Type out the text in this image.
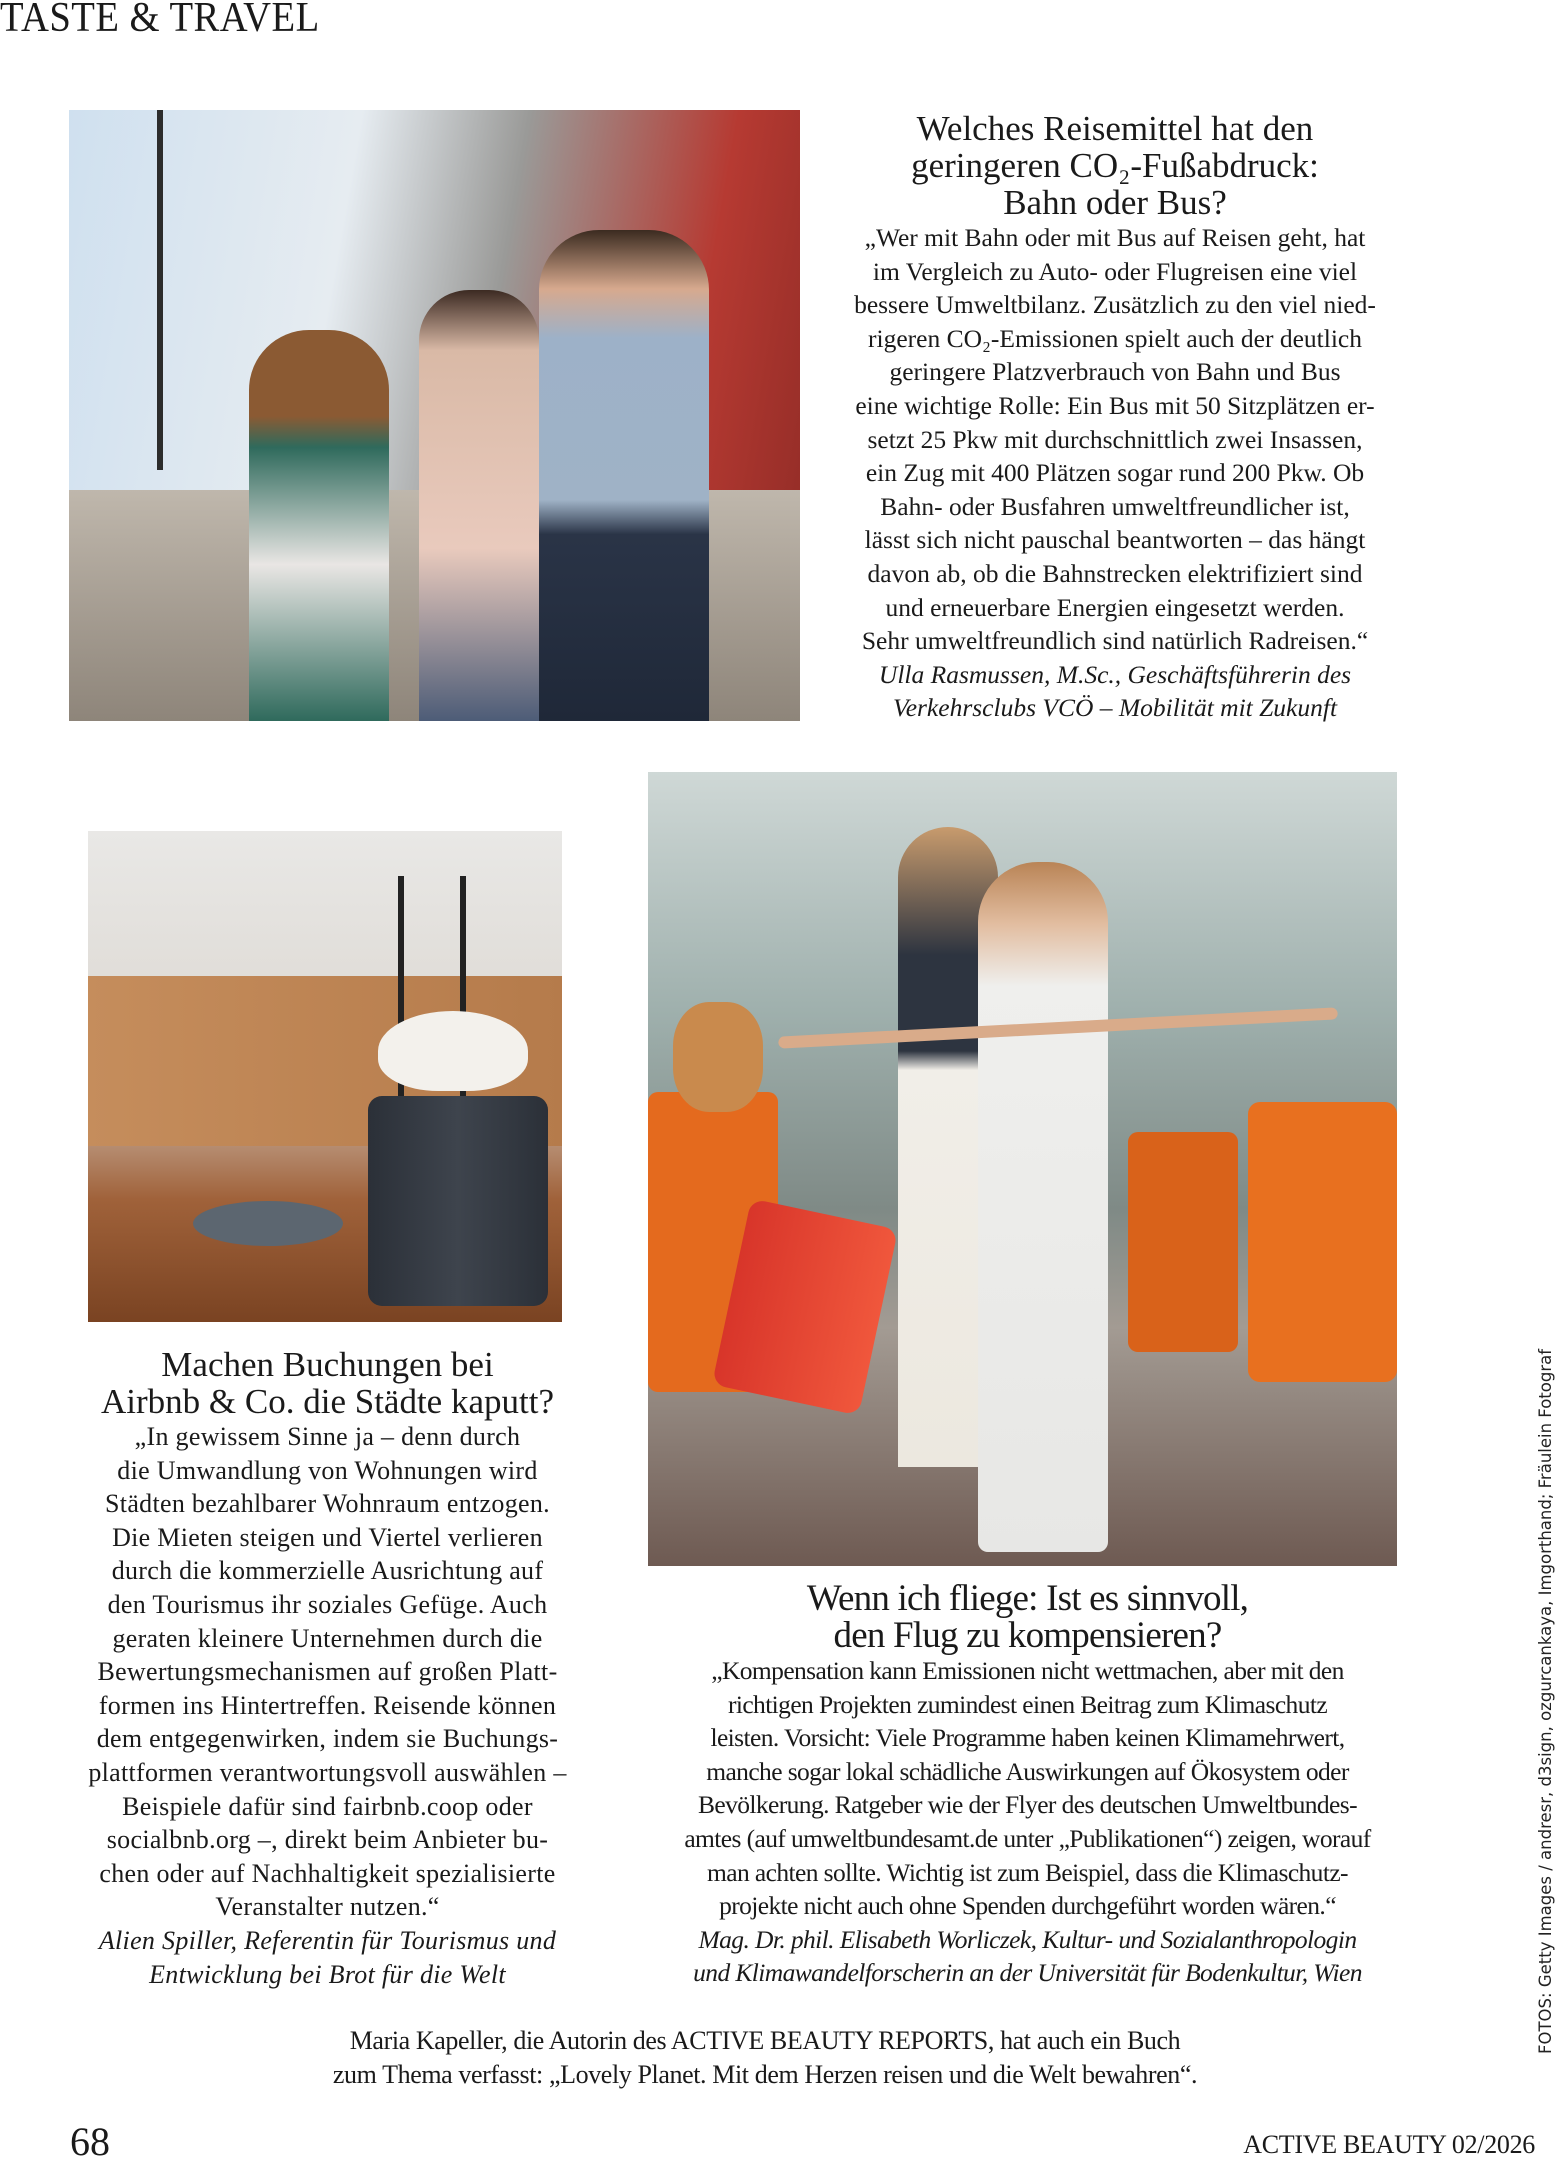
TASTE & TRAVEL
Welches Reisemittel hat den
geringeren CO₂-Fußabdruck:
Bahn oder Bus?
„Wer mit Bahn oder mit Bus auf Reisen geht, hat
im Vergleich zu Auto- oder Flugreisen eine viel
bessere Umweltbilanz. Zusätzlich zu den viel nied-
rigeren CO₂-Emissionen spielt auch der deutlich
geringere Platzverbrauch von Bahn und Bus
eine wichtige Rolle: Ein Bus mit 50 Sitzplätzen er-
setzt 25 Pkw mit durchschnittlich zwei Insassen,
ein Zug mit 400 Plätzen sogar rund 200 Pkw. Ob
Bahn- oder Busfahren umweltfreundlicher ist,
lässt sich nicht pauschal beantworten – das hängt
davon ab, ob die Bahnstrecken elektrifiziert sind
und erneuerbare Energien eingesetzt werden.
Sehr umweltfreundlich sind natürlich Radreisen.“
Ulla Rasmussen, M.Sc., Geschäftsführerin des
Verkehrsclubs VCÖ – Mobilität mit Zukunft
Machen Buchungen bei
Airbnb & Co. die Städte kaputt?
„In gewissem Sinne ja – denn durch
die Umwandlung von Wohnungen wird
Städten bezahlbarer Wohnraum entzogen.
Die Mieten steigen und Viertel verlieren
durch die kommerzielle Ausrichtung auf
den Tourismus ihr soziales Gefüge. Auch
geraten kleinere Unternehmen durch die
Bewertungsmechanismen auf großen Platt-
formen ins Hintertreffen. Reisende können
dem entgegenwirken, indem sie Buchungs-
plattformen verantwortungsvoll auswählen –
Beispiele dafür sind fairbnb.coop oder
socialbnb.org –, direkt beim Anbieter bu-
chen oder auf Nachhaltigkeit spezialisierte
Veranstalter nutzen.“
Alien Spiller, Referentin für Tourismus und
Entwicklung bei Brot für die Welt
Wenn ich fliege: Ist es sinnvoll,
den Flug zu kompensieren?
„Kompensation kann Emissionen nicht wettmachen, aber mit den
richtigen Projekten zumindest einen Beitrag zum Klimaschutz
leisten. Vorsicht: Viele Programme haben keinen Klimamehrwert,
manche sogar lokal schädliche Auswirkungen auf Ökosystem oder
Bevölkerung. Ratgeber wie der Flyer des deutschen Umweltbundes-
amtes (auf umweltbundesamt.de unter „Publikationen“) zeigen, worauf
man achten sollte. Wichtig ist zum Beispiel, dass die Klimaschutz-
projekte nicht auch ohne Spenden durchgeführt worden wären.“
Mag. Dr. phil. Elisabeth Worliczek, Kultur- und Sozialanthropologin
und Klimawandelforscherin an der Universität für Bodenkultur, Wien
Maria Kapeller, die Autorin des ACTIVE BEAUTY REPORTS, hat auch ein Buch
zum Thema verfasst: „Lovely Planet. Mit dem Herzen reisen und die Welt bewahren“.
68	ACTIVE BEAUTY 02/2026
FOTOS: Getty Images / andresr, d3sign, ozgurcankaya, Imgorthand; Fräulein Fotograf
